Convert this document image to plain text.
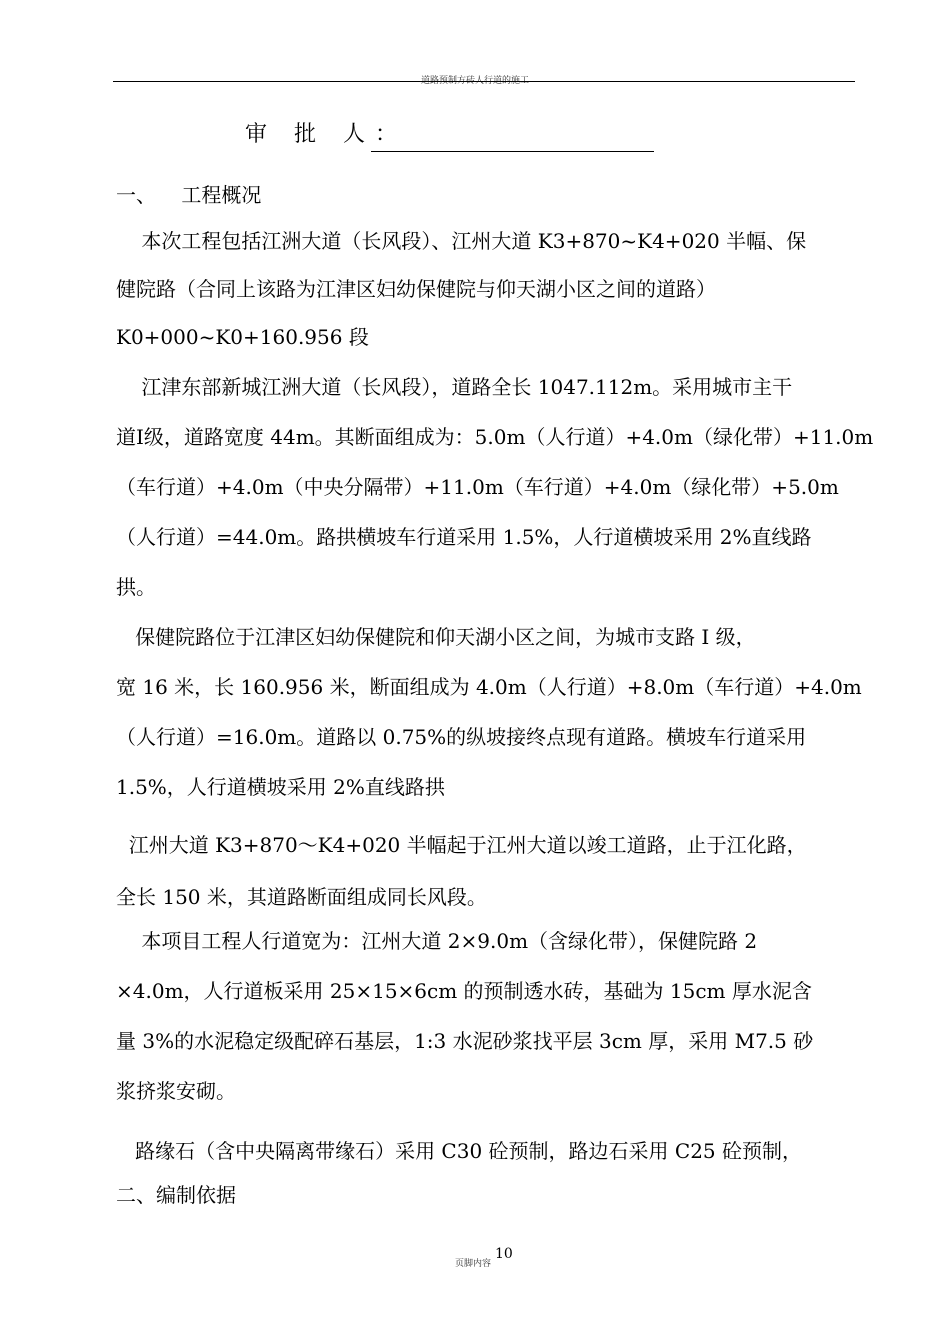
道路预制方砖人行道的施工
审 批 人：
一、    工程概况
本次工程包括江洲大道（长风段）、江州大道 K3+870~K4+020 半幅、保
健院路（合同上该路为江津区妇幼保健院与仰天湖小区之间的道路）
K0+000~K0+160.956 段
江津东部新城江洲大道（长风段），道路全长 1047.112m。采用城市主干
道Ⅰ级，道路宽度 44m。其断面组成为：5.0m（人行道）+4.0m（绿化带）+11.0m
（车行道）+4.0m（中央分隔带）+11.0m（车行道）+4.0m（绿化带）+5.0m
（人行道）=44.0m。路拱横坡车行道采用 1.5%，人行道横坡采用 2%直线路
拱。
保健院路位于江津区妇幼保健院和仰天湖小区之间，为城市支路 Ⅰ 级，
宽 16 米，长 160.956 米，断面组成为 4.0m（人行道）+8.0m（车行道）+4.0m
（人行道）=16.0m。道路以 0.75%的纵坡接终点现有道路。横坡车行道采用
1.5%，人行道横坡采用 2%直线路拱
江州大道 K3+870～K4+020 半幅起于江州大道以竣工道路，止于江化路，
全长 150 米，其道路断面组成同长风段。
本项目工程人行道宽为：江州大道 2×9.0m（含绿化带），保健院路 2
×4.0m，人行道板采用 25×15×6cm 的预制透水砖，基础为 15cm 厚水泥含
量 3%的水泥稳定级配碎石基层，1:3 水泥砂浆找平层 3cm 厚，采用 M7.5 砂
浆挤浆安砌。
路缘石（含中央隔离带缘石）采用 C30 砼预制，路边石采用 C25 砼预制，
二、编制依据
页脚内容
10
